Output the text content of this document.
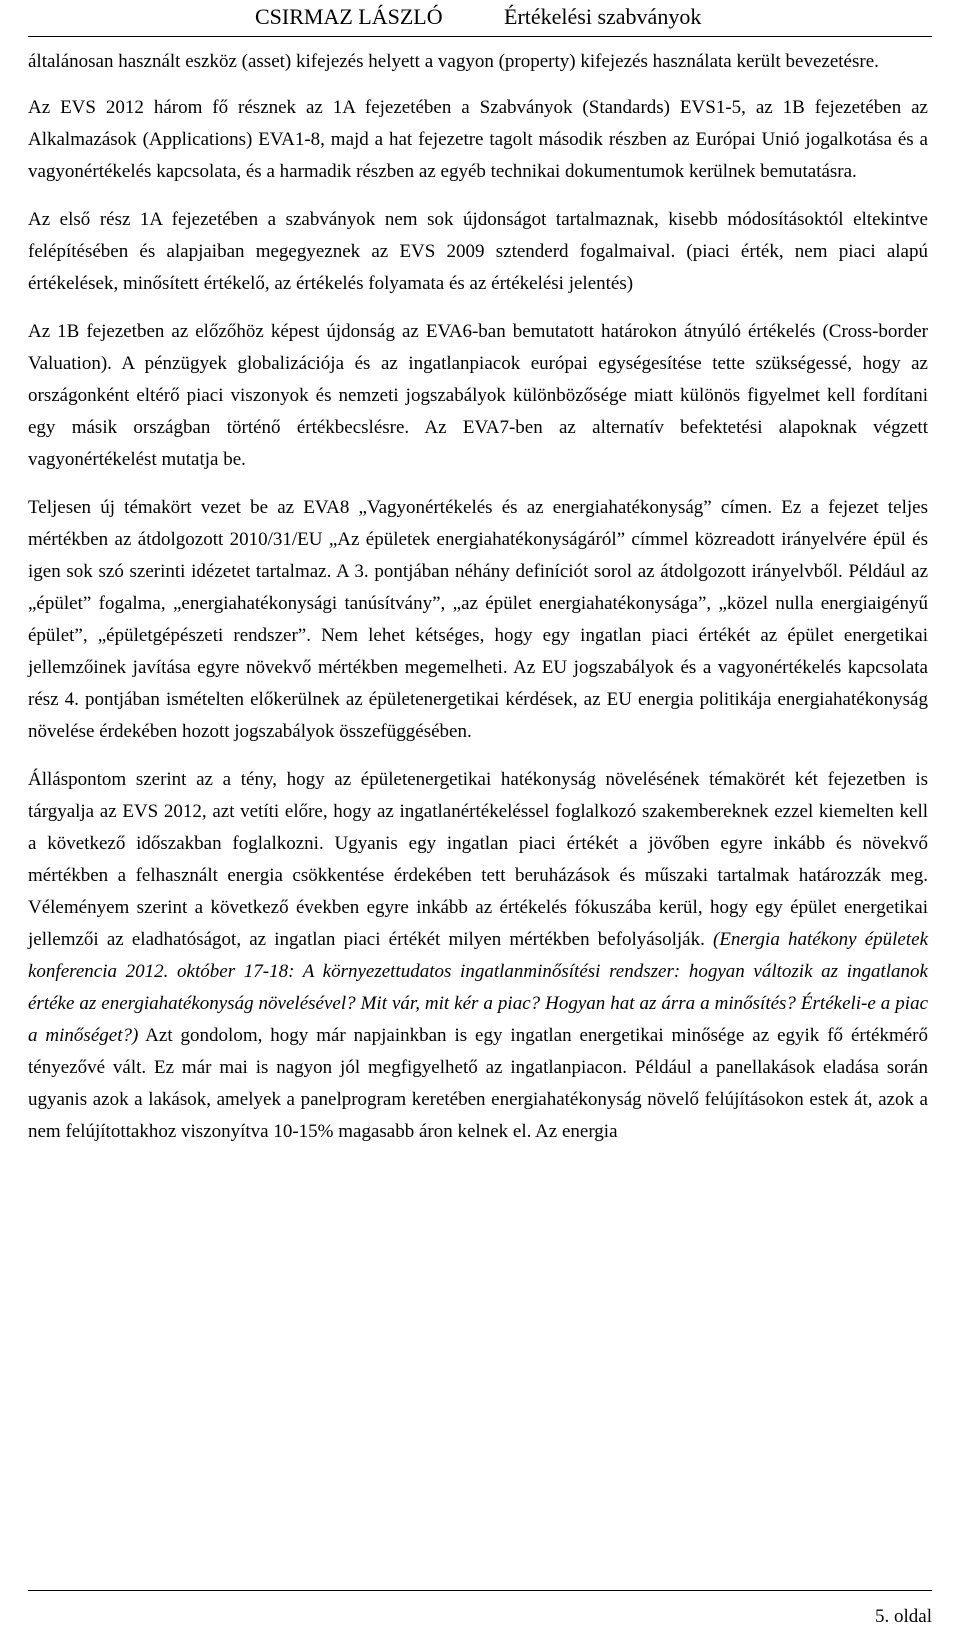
CSIRMAZ LÁSZLÓ	Értékelési szabványok

általánosan használt eszköz (asset) kifejezés helyett a vagyon (property) kifejezés használata került bevezetésre.

Az EVS 2012 három fő résznek az 1A fejezetében a Szabványok (Standards) EVS1-5, az 1B fejezetében az Alkalmazások (Applications) EVA1-8, majd a hat fejezetre tagolt második részben az Európai Unió jogalkotása és a vagyonértékelés kapcsolata, és a harmadik részben az egyéb technikai dokumentumok kerülnek bemutatásra.

Az első rész 1A fejezetében a szabványok nem sok újdonságot tartalmaznak, kisebb módosításoktól eltekintve felépítésében és alapjaiban megegyeznek az EVS 2009 sztenderd fogalmaival. (piaci érték, nem piaci alapú értékelések, minősített értékelő, az értékelés folyamata és az értékelési jelentés)

Az 1B fejezetben az előzőhöz képest újdonság az EVA6-ban bemutatott határokon átnyúló értékelés (Cross-border Valuation). A pénzügyek globalizációja és az ingatlanpiacok európai egységesítése tette szükségessé, hogy az országonként eltérő piaci viszonyok és nemzeti jogszabályok különbözősége miatt különös figyelmet kell fordítani egy másik országban történő értékbecslésre. Az EVA7-ben az alternatív befektetési alapoknak végzett vagyonértékelést mutatja be.

Teljesen új témakört vezet be az EVA8 „Vagyonértékelés és az energiahatékonyság” címen. Ez a fejezet teljes mértékben az átdolgozott 2010/31/EU „Az épületek energiahatékonyságáról” címmel közreadott irányelvére épül és igen sok szó szerinti idézetet tartalmaz. A 3. pontjában néhány definíciót sorol az átdolgozott irányelvből. Például az „épület” fogalma, „energiahatékonysági tanúsítvány”, „az épület energiahatékonysága”, „közel nulla energiaigényű épület”, „épületgépészeti rendszer”. Nem lehet kétséges, hogy egy ingatlan piaci értékét az épület energetikai jellemzőinek javítása egyre növekvő mértékben megemelheti. Az EU jogszabályok és a vagyonértékelés kapcsolata rész 4. pontjában ismételten előkerülnek az épületenergetikai kérdések, az EU energia politikája energiahatékonyság növelése érdekében hozott jogszabályok összefüggésében.

Álláspontom szerint az a tény, hogy az épületenergetikai hatékonyság növelésének témakörét két fejezetben is tárgyalja az EVS 2012, azt vetíti előre, hogy az ingatlanértékeléssel foglalkozó szakembereknek ezzel kiemelten kell a következő időszakban foglalkozni. Ugyanis egy ingatlan piaci értékét a jövőben egyre inkább és növekvő mértékben a felhasznált energia csökkentése érdekében tett beruházások és műszaki tartalmak határozzák meg. Véleményem szerint a következő években egyre inkább az értékelés fókuszába kerül, hogy egy épület energetikai jellemzői az eladhatóságot, az ingatlan piaci értékét milyen mértékben befolyásolják. (Energia hatékony épületek konferencia 2012. október 17-18: A környezettudatos ingatlanminősítési rendszer: hogyan változik az ingatlanok értéke az energiahatékonyság növelésével? Mit vár, mit kér a piac? Hogyan hat az árra a minősítés? Értékeli-e a piac a minőséget?) Azt gondolom, hogy már napjainkban is egy ingatlan energetikai minősége az egyik fő értékmérő tényezővé vált. Ez már mai is nagyon jól megfigyelhető az ingatlanpiacon. Például a panellakások eladása során ugyanis azok a lakások, amelyek a panelprogram keretében energiahatékonyság növelő felújításokon estek át, azok a nem felújítottakhoz viszonyítva 10-15% magasabb áron kelnek el. Az energia

5. oldal
